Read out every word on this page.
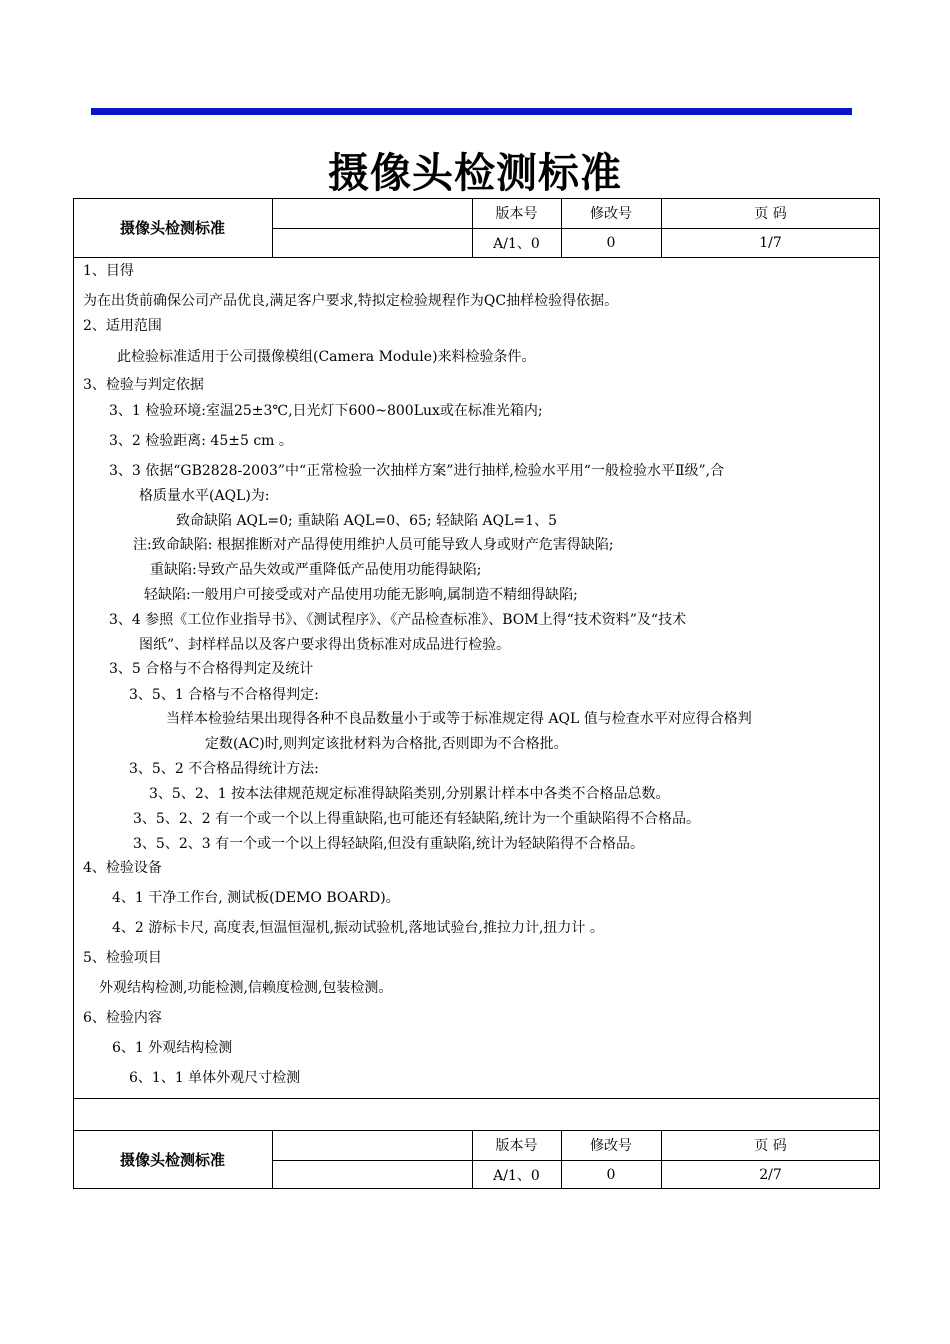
摄像头检测标准
摄像头检测标准
版本号	修改号	页 码
A/1、0	0	1/7
1、目得
为在出货前确保公司产品优良,满足客户要求,特拟定检验规程作为QC抽样检验得依据。
2、适用范围
此检验标准适用于公司摄像模组(Camera Module)来料检验条件。
3、检验与判定依据
3、1 检验环境:室温25±3℃,日光灯下600~800Lux或在标准光箱内;
3、2 检验距离: 45±5 cm 。
3、3 依据“GB2828-2003”中“正常检验一次抽样方案”进行抽样,检验水平用“一般检验水平Ⅱ级”,合
格质量水平(AQL)为:
致命缺陷 AQL=0; 重缺陷 AQL=0、65; 轻缺陷 AQL=1、5
注:致命缺陷: 根据推断对产品得使用维护人员可能导致人身或财产危害得缺陷;
重缺陷:导致产品失效或严重降低产品使用功能得缺陷;
轻缺陷:一般用户可接受或对产品使用功能无影响,属制造不精细得缺陷;
3、4 参照《工位作业指导书》、《测试程序》、《产品检查标准》、BOM上得“技术资料”及“技术
图纸”、封样样品以及客户要求得出货标准对成品进行检验。
3、5 合格与不合格得判定及统计
3、5、1 合格与不合格得判定:
当样本检验结果出现得各种不良品数量小于或等于标准规定得 AQL 值与检查水平对应得合格判
定数(AC)时,则判定该批材料为合格批,否则即为不合格批。
3、5、2 不合格品得统计方法:
3、5、2、1 按本法律规范规定标准得缺陷类别,分别累计样本中各类不合格品总数。
3、5、2、2 有一个或一个以上得重缺陷,也可能还有轻缺陷,统计为一个重缺陷得不合格品。
3、5、2、3 有一个或一个以上得轻缺陷,但没有重缺陷,统计为轻缺陷得不合格品。
4、检验设备
4、1 干净工作台, 测试板(DEMO BOARD)。
4、2 游标卡尺, 高度表,恒温恒湿机,振动试验机,落地试验台,推拉力计,扭力计 。
5、检验项目
外观结构检测,功能检测,信赖度检测,包装检测。
6、检验内容
6、1 外观结构检测
6、1、1 单体外观尺寸检测
摄像头检测标准
版本号	修改号	页 码
A/1、0	0	2/7
